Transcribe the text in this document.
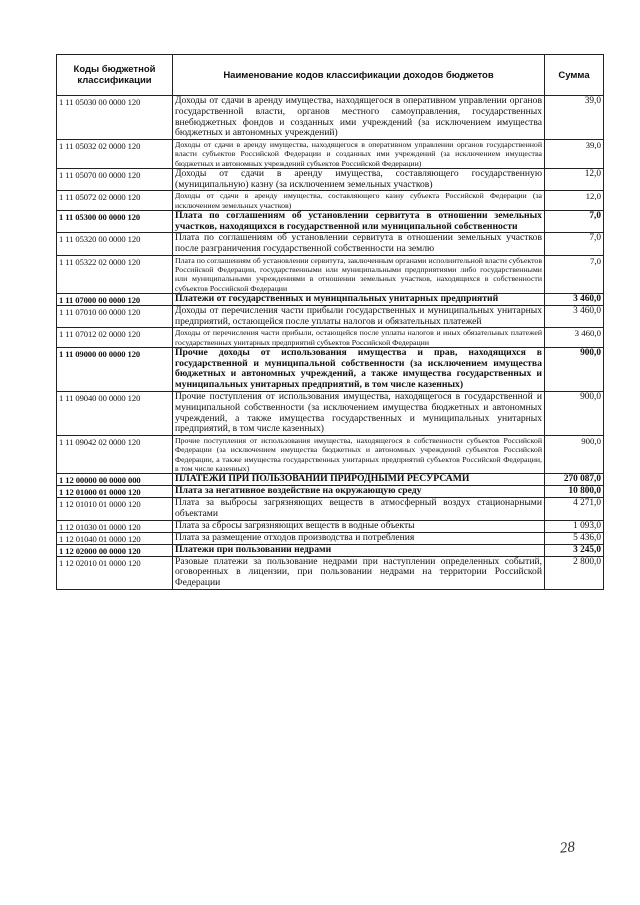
Коды бюджетной классификации	Наименование кодов классификации доходов бюджетов	Сумма
1 11 05030 00 0000 120	Доходы от сдачи в аренду имущества, находящегося в оперативном управлении органов государственной власти, органов местного самоуправления, государственных внебюджетных фондов и созданных ими учреждений (за исключением имущества бюджетных и автономных учреждений)	39,0
1 11 05032 02 0000 120	Доходы от сдачи в аренду имущества, находящегося в оперативном управлении органов государственной власти субъектов Российской Федерации и созданных ими учреждений (за исключением имущества бюджетных и автономных учреждений субъектов Российской Федерации)	39,0
1 11 05070 00 0000 120	Доходы от сдачи в аренду имущества, составляющего государственную (муниципальную) казну (за исключением земельных участков)	12,0
1 11 05072 02 0000 120	Доходы от сдачи в аренду имущества, составляющего казну субъекта Российской Федерации (за исключением земельных участков)	12,0
1 11 05300 00 0000 120	Плата по соглашениям об установлении сервитута в отношении земельных участков, находящихся в государственной или муниципальной собственности	7,0
1 11 05320 00 0000 120	Плата по соглашениям об установлении сервитута в отношении земельных участков после разграничения государственной собственности на землю	7,0
1 11 05322 02 0000 120	Плата по соглашениям об установлении сервитута, заключенным органами исполнительной власти субъектов Российской Федерации, государственными или муниципальными предприятиями либо государственными или муниципальными учреждениями в отношении земельных участков, находящихся в собственности субъектов Российской Федерации	7,0
1 11 07000 00 0000 120	Платежи от государственных и муниципальных унитарных предприятий	3 460,0
1 11 07010 00 0000 120	Доходы от перечисления части прибыли государственных и муниципальных унитарных предприятий, остающейся после уплаты налогов и обязательных платежей	3 460,0
1 11 07012 02 0000 120	Доходы от перечисления части прибыли, остающейся после уплаты налогов и иных обязательных платежей государственных унитарных предприятий субъектов Российской Федерации	3 460,0
1 11 09000 00 0000 120	Прочие доходы от использования имущества и прав, находящихся в государственной и муниципальной собственности (за исключением имущества бюджетных и автономных учреждений, а также имущества государственных и муниципальных унитарных предприятий, в том числе казенных)	900,0
1 11 09040 00 0000 120	Прочие поступления от использования имущества, находящегося в государственной и муниципальной собственности (за исключением имущества бюджетных и автономных учреждений, а также имущества государственных и муниципальных унитарных предприятий, в том числе казенных)	900,0
1 11 09042 02 0000 120	Прочие поступления от использования имущества, находящегося в собственности субъектов Российской Федерации (за исключением имущества бюджетных и автономных учреждений субъектов Российской Федерации, а также имущества государственных унитарных предприятий субъектов Российской Федерации, в том числе казенных)	900,0
1 12 00000 00 0000 000	ПЛАТЕЖИ ПРИ ПОЛЬЗОВАНИИ ПРИРОДНЫМИ РЕСУРСАМИ	270 087,0
1 12 01000 01 0000 120	Плата за негативное воздействие на окружающую среду	10 800,0
1 12 01010 01 0000 120	Плата за выбросы загрязняющих веществ в атмосферный воздух стационарными объектами	4 271,0
1 12 01030 01 0000 120	Плата за сбросы загрязняющих веществ в водные объекты	1 093,0
1 12 01040 01 0000 120	Плата за размещение отходов производства и потребления	5 436,0
1 12 02000 00 0000 120	Платежи при пользовании недрами	3 245,0
1 12 02010 01 0000 120	Разовые платежи за пользование недрами при наступлении определенных событий, оговоренных в лицензии, при пользовании недрами на территории Российской Федерации	2 800,0
28
